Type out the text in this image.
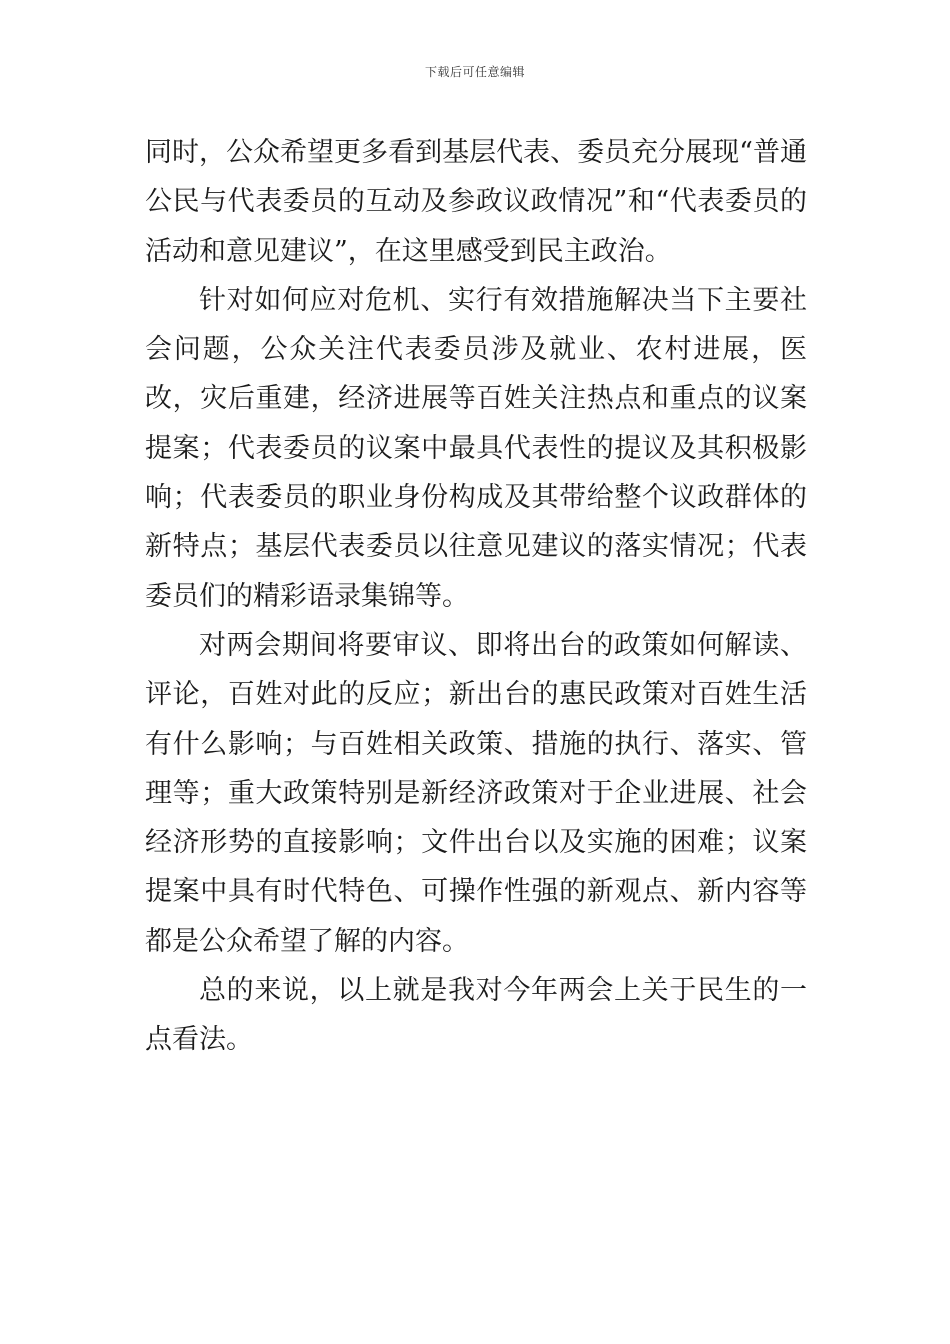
下载后可任意编辑

同时，公众希望更多看到基层代表、委员充分展现“普通公民与代表委员的互动及参政议政情况”和“代表委员的活动和意见建议”，在这里感受到民主政治。

针对如何应对危机、实行有效措施解决当下主要社会问题，公众关注代表委员涉及就业、农村进展，医改，灾后重建，经济进展等百姓关注热点和重点的议案提案；代表委员的议案中最具代表性的提议及其积极影响；代表委员的职业身份构成及其带给整个议政群体的新特点；基层代表委员以往意见建议的落实情况；代表委员们的精彩语录集锦等。

对两会期间将要审议、即将出台的政策如何解读、评论，百姓对此的反应；新出台的惠民政策对百姓生活有什么影响；与百姓相关政策、措施的执行、落实、管理等；重大政策特别是新经济政策对于企业进展、社会经济形势的直接影响；文件出台以及实施的困难；议案提案中具有时代特色、可操作性强的新观点、新内容等都是公众希望了解的内容。

总的来说，以上就是我对今年两会上关于民生的一点看法。
